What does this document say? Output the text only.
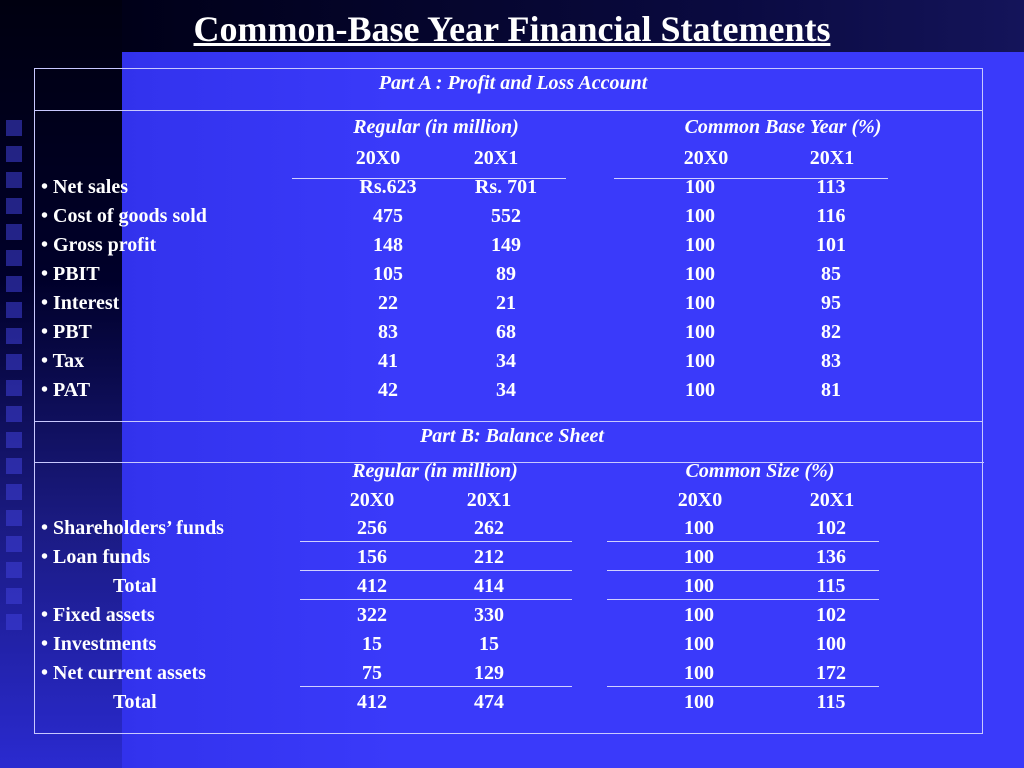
Common-Base Year Financial Statements
Part A : Profit and Loss Account
Regular (in million)	Common Base Year (%)
20X0	20X1	20X0	20X1
• Net sales	Rs.623	Rs. 701	100	113
• Cost of goods sold	475	552	100	116
• Gross profit	148	149	100	101
• PBIT	105	89	100	85
• Interest	22	21	100	95
• PBT	83	68	100	82
• Tax	41	34	100	83
• PAT	42	34	100	81
Part B: Balance Sheet
Regular (in million)	Common Size (%)
20X0	20X1	20X0	20X1
• Shareholders’ funds	256	262	100	102
• Loan funds	156	212	100	136
Total	412	414	100	115
• Fixed assets	322	330	100	102
• Investments	15	15	100	100
• Net current assets	75	129	100	172
Total	412	474	100	115
